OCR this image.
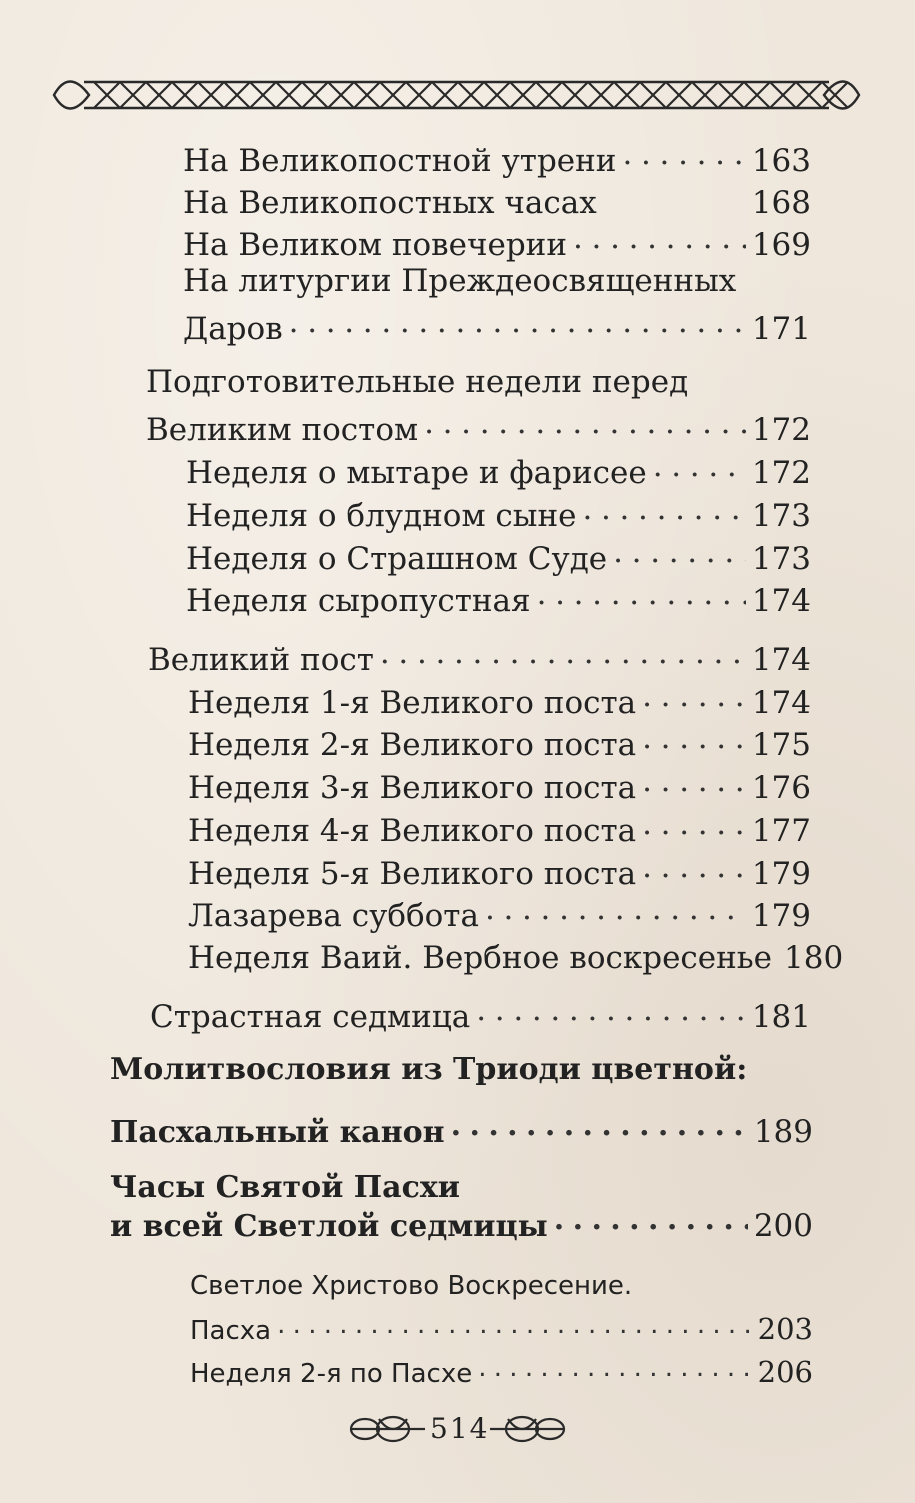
На Великопостной утрени .....	163
На Великопостных часах	168
На Великом повечерии .....	169
На литургии Преждеосвященных
Даров .....	171
Подготовительные недели перед
Великим постом .....	172
Неделя о мытаре и фарисее .....	172
Неделя о блудном сыне .....	173
Неделя о Страшном Суде .....	173
Неделя сыропустная .....	174
Великий пост .....	174
Неделя 1-я Великого поста .....	174
Неделя 2-я Великого поста .....	175
Неделя 3-я Великого поста .....	176
Неделя 4-я Великого поста .....	177
Неделя 5-я Великого поста .....	179
Лазарева суббота .....	179
Неделя Ваий. Вербное воскресенье 180
Страстная седмица .....	181
Молитвословия из Триоди цветной:
Пасхальный канон .....	189
Часы Святой Пасхи
и всей Светлой седмицы .....	200
Светлое Христово Воскресение.
Пасха .....	203
Неделя 2-я по Пасхе .....	206
514
